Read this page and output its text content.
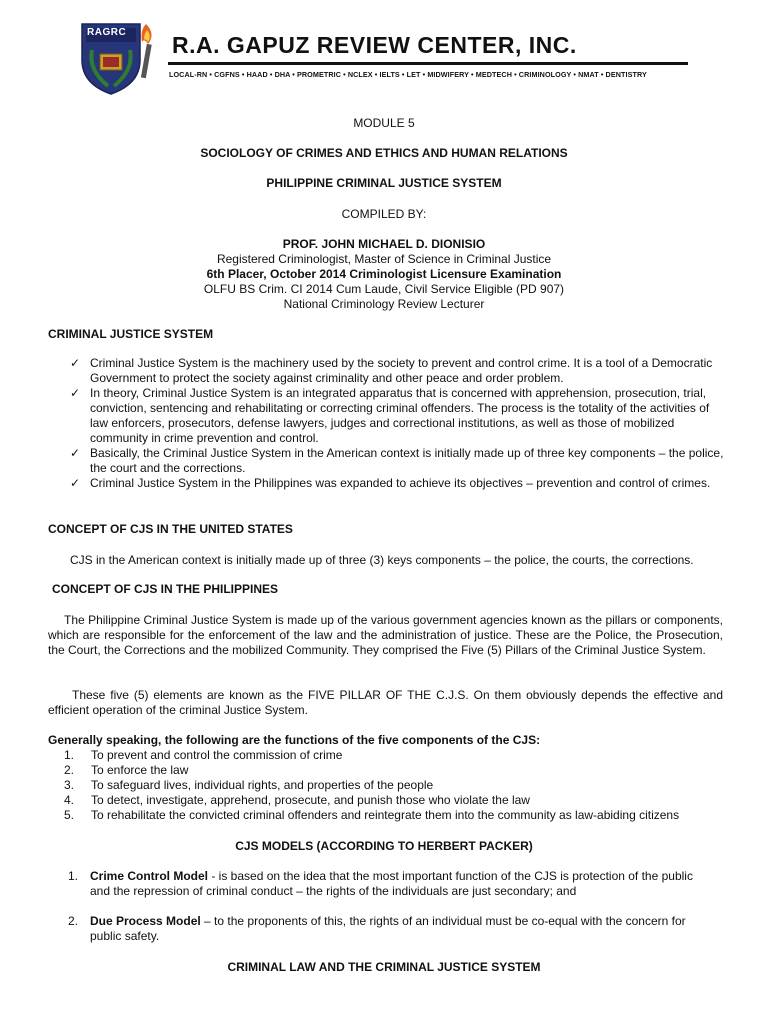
RAGRC R.A. GAPUZ REVIEW CENTER, INC.
LOCAL-RN • CGFNS • HAAD • DHA • PROMETRIC • NCLEX • IELTS • LET • MIDWIFERY • MEDTECH • CRIMINOLOGY • NMAT • DENTISTRY
MODULE 5
SOCIOLOGY OF CRIMES AND ETHICS AND HUMAN RELATIONS
PHILIPPINE CRIMINAL JUSTICE SYSTEM
COMPILED BY:
PROF. JOHN MICHAEL D. DIONISIO
Registered Criminologist, Master of Science in Criminal Justice
6th Placer, October 2014 Criminologist Licensure Examination
OLFU BS Crim. CI 2014 Cum Laude, Civil Service Eligible (PD 907)
National Criminology Review Lecturer
CRIMINAL JUSTICE SYSTEM
✓ Criminal Justice System is the machinery used by the society to prevent and control crime. It is a tool of a Democratic Government to protect the society against criminality and other peace and order problem.
✓ In theory, Criminal Justice System is an integrated apparatus that is concerned with apprehension, prosecution, trial, conviction, sentencing and rehabilitating or correcting criminal offenders. The process is the totality of the activities of law enforcers, prosecutors, defense lawyers, judges and correctional institutions, as well as those of mobilized community in crime prevention and control.
✓ Basically, the Criminal Justice System in the American context is initially made up of three key components – the police, the court and the corrections.
✓ Criminal Justice System in the Philippines was expanded to achieve its objectives – prevention and control of crimes.
CONCEPT OF CJS IN THE UNITED STATES
CJS in the American context is initially made up of three (3) keys components – the police, the courts, the corrections.
CONCEPT OF CJS IN THE PHILIPPINES
The Philippine Criminal Justice System is made up of the various government agencies known as the pillars or components, which are responsible for the enforcement of the law and the administration of justice. These are the Police, the Prosecution, the Court, the Corrections and the mobilized Community. They comprised the Five (5) Pillars of the Criminal Justice System.
These five (5) elements are known as the FIVE PILLAR OF THE C.J.S. On them obviously depends the effective and efficient operation of the criminal Justice System.
Generally speaking, the following are the functions of the five components of the CJS:
1. To prevent and control the commission of crime
2. To enforce the law
3. To safeguard lives, individual rights, and properties of the people
4. To detect, investigate, apprehend, prosecute, and punish those who violate the law
5. To rehabilitate the convicted criminal offenders and reintegrate them into the community as law-abiding citizens
CJS MODELS (ACCORDING TO HERBERT PACKER)
1. Crime Control Model - is based on the idea that the most important function of the CJS is protection of the public and the repression of criminal conduct – the rights of the individuals are just secondary; and
2. Due Process Model – to the proponents of this, the rights of an individual must be co-equal with the concern for public safety.
CRIMINAL LAW AND THE CRIMINAL JUSTICE SYSTEM
